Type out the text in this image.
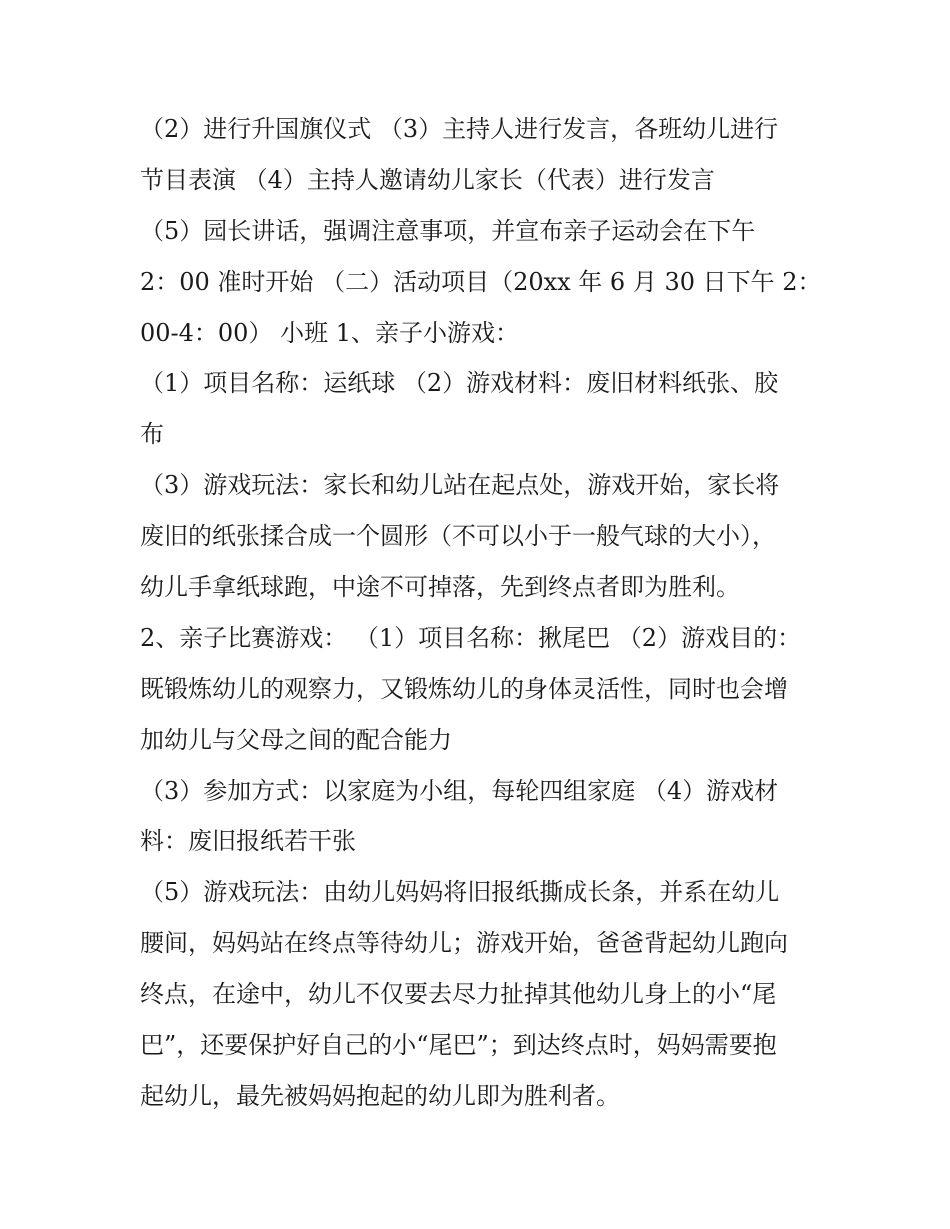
（2）进行升国旗仪式 （3）主持人进行发言，各班幼儿进行
节目表演 （4）主持人邀请幼儿家长（代表）进行发言
（5）园长讲话，强调注意事项，并宣布亲子运动会在下午
2：00 准时开始 （二）活动项目（20xx 年 6 月 30 日下午 2：
00-4：00） 小班 1、亲子小游戏：
（1）项目名称：运纸球 （2）游戏材料：废旧材料纸张、胶
布
（3）游戏玩法：家长和幼儿站在起点处，游戏开始，家长将
废旧的纸张揉合成一个圆形（不可以小于一般气球的大小），
幼儿手拿纸球跑，中途不可掉落，先到终点者即为胜利。
2、亲子比赛游戏： （1）项目名称：揪尾巴 （2）游戏目的：
既锻炼幼儿的观察力，又锻炼幼儿的身体灵活性，同时也会增
加幼儿与父母之间的配合能力
（3）参加方式：以家庭为小组，每轮四组家庭 （4）游戏材
料：废旧报纸若干张
（5）游戏玩法：由幼儿妈妈将旧报纸撕成长条，并系在幼儿
腰间，妈妈站在终点等待幼儿；游戏开始，爸爸背起幼儿跑向
终点，在途中，幼儿不仅要去尽力扯掉其他幼儿身上的小“尾
巴”，还要保护好自己的小“尾巴”；到达终点时，妈妈需要抱
起幼儿，最先被妈妈抱起的幼儿即为胜利者。
